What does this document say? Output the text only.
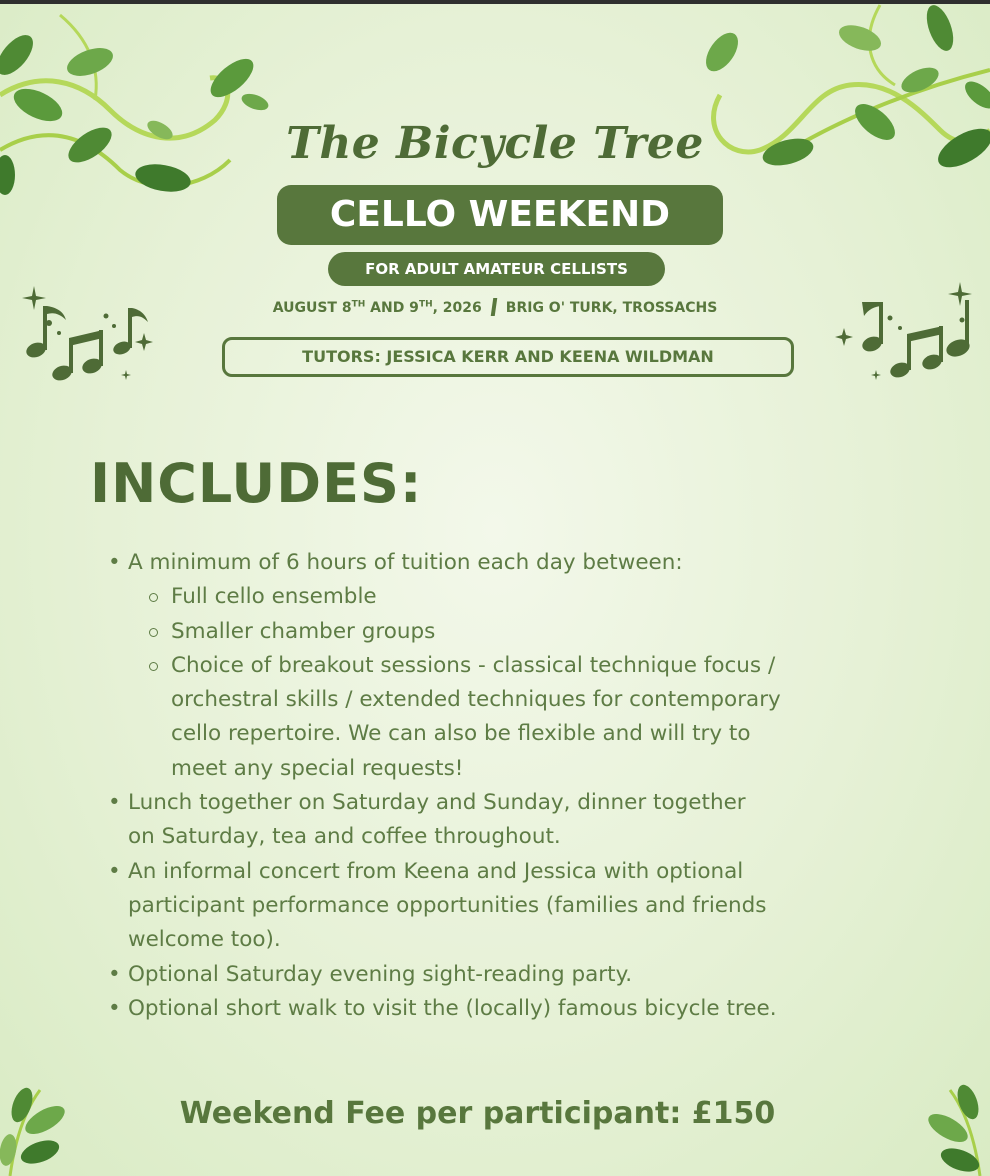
The Bicycle Tree
CELLO WEEKEND
FOR ADULT AMATEUR CELLISTS
AUGUST 8TH AND 9TH, 2026 BRIG O' TURK, TROSSACHS
TUTORS: JESSICA KERR AND KEENA WILDMAN
INCLUDES:
• A minimum of 6 hours of tuition each day between:
Full cello ensemble
Smaller chamber groups
Choice of breakout sessions - classical technique focus /
orchestral skills / extended techniques for contemporary
cello repertoire. We can also be flexible and will try to
meet any special requests!
• Lunch together on Saturday and Sunday, dinner together
on Saturday, tea and coffee throughout.
• An informal concert from Keena and Jessica with optional
participant performance opportunities (families and friends
welcome too).
• Optional Saturday evening sight-reading party.
• Optional short walk to visit the (locally) famous bicycle tree.
Weekend Fee per participant: £150
